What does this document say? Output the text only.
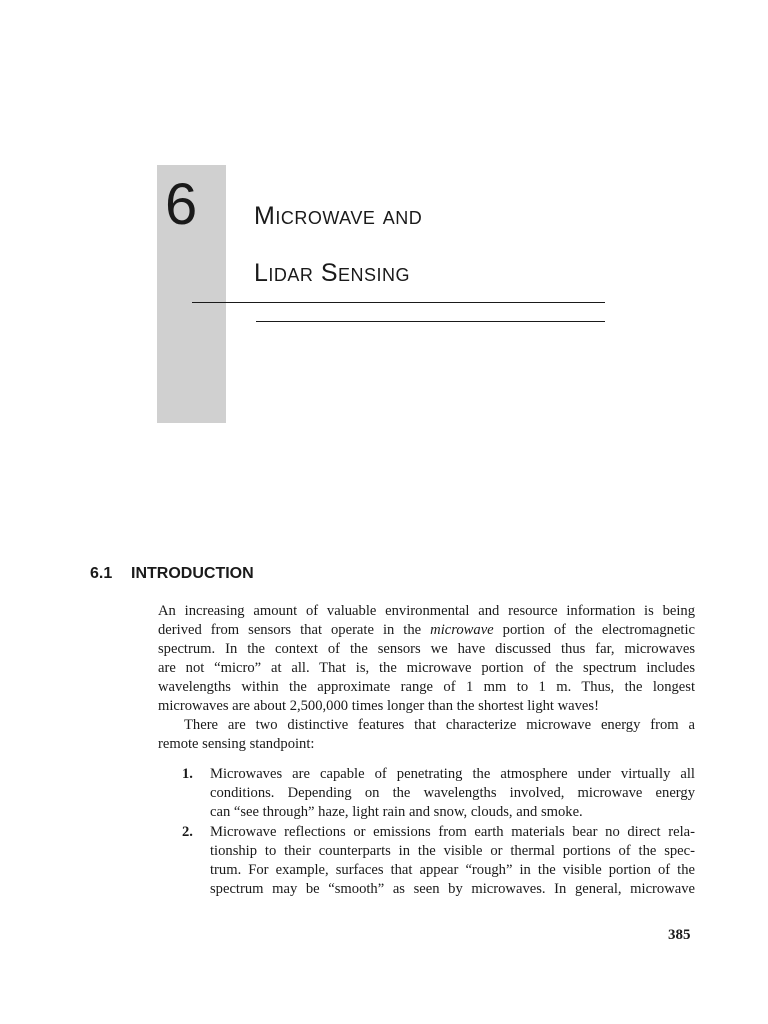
6 Microwave and
Lidar Sensing
6.1 INTRODUCTION
An increasing amount of valuable environmental and resource information is being
derived from sensors that operate in the microwave portion of the electromagnetic
spectrum. In the context of the sensors we have discussed thus far, microwaves
are not “micro” at all. That is, the microwave portion of the spectrum includes
wavelengths within the approximate range of 1 mm to 1 m. Thus, the longest
microwaves are about 2,500,000 times longer than the shortest light waves!
There are two distinctive features that characterize microwave energy from a
remote sensing standpoint:
1.	Microwaves are capable of penetrating the atmosphere under virtually all
conditions. Depending on the wavelengths involved, microwave energy
can “see through” haze, light rain and snow, clouds, and smoke.
2.	Microwave reflections or emissions from earth materials bear no direct rela-
tionship to their counterparts in the visible or thermal portions of the spec-
trum. For example, surfaces that appear “rough” in the visible portion of the
spectrum may be “smooth” as seen by microwaves. In general, microwave
385
